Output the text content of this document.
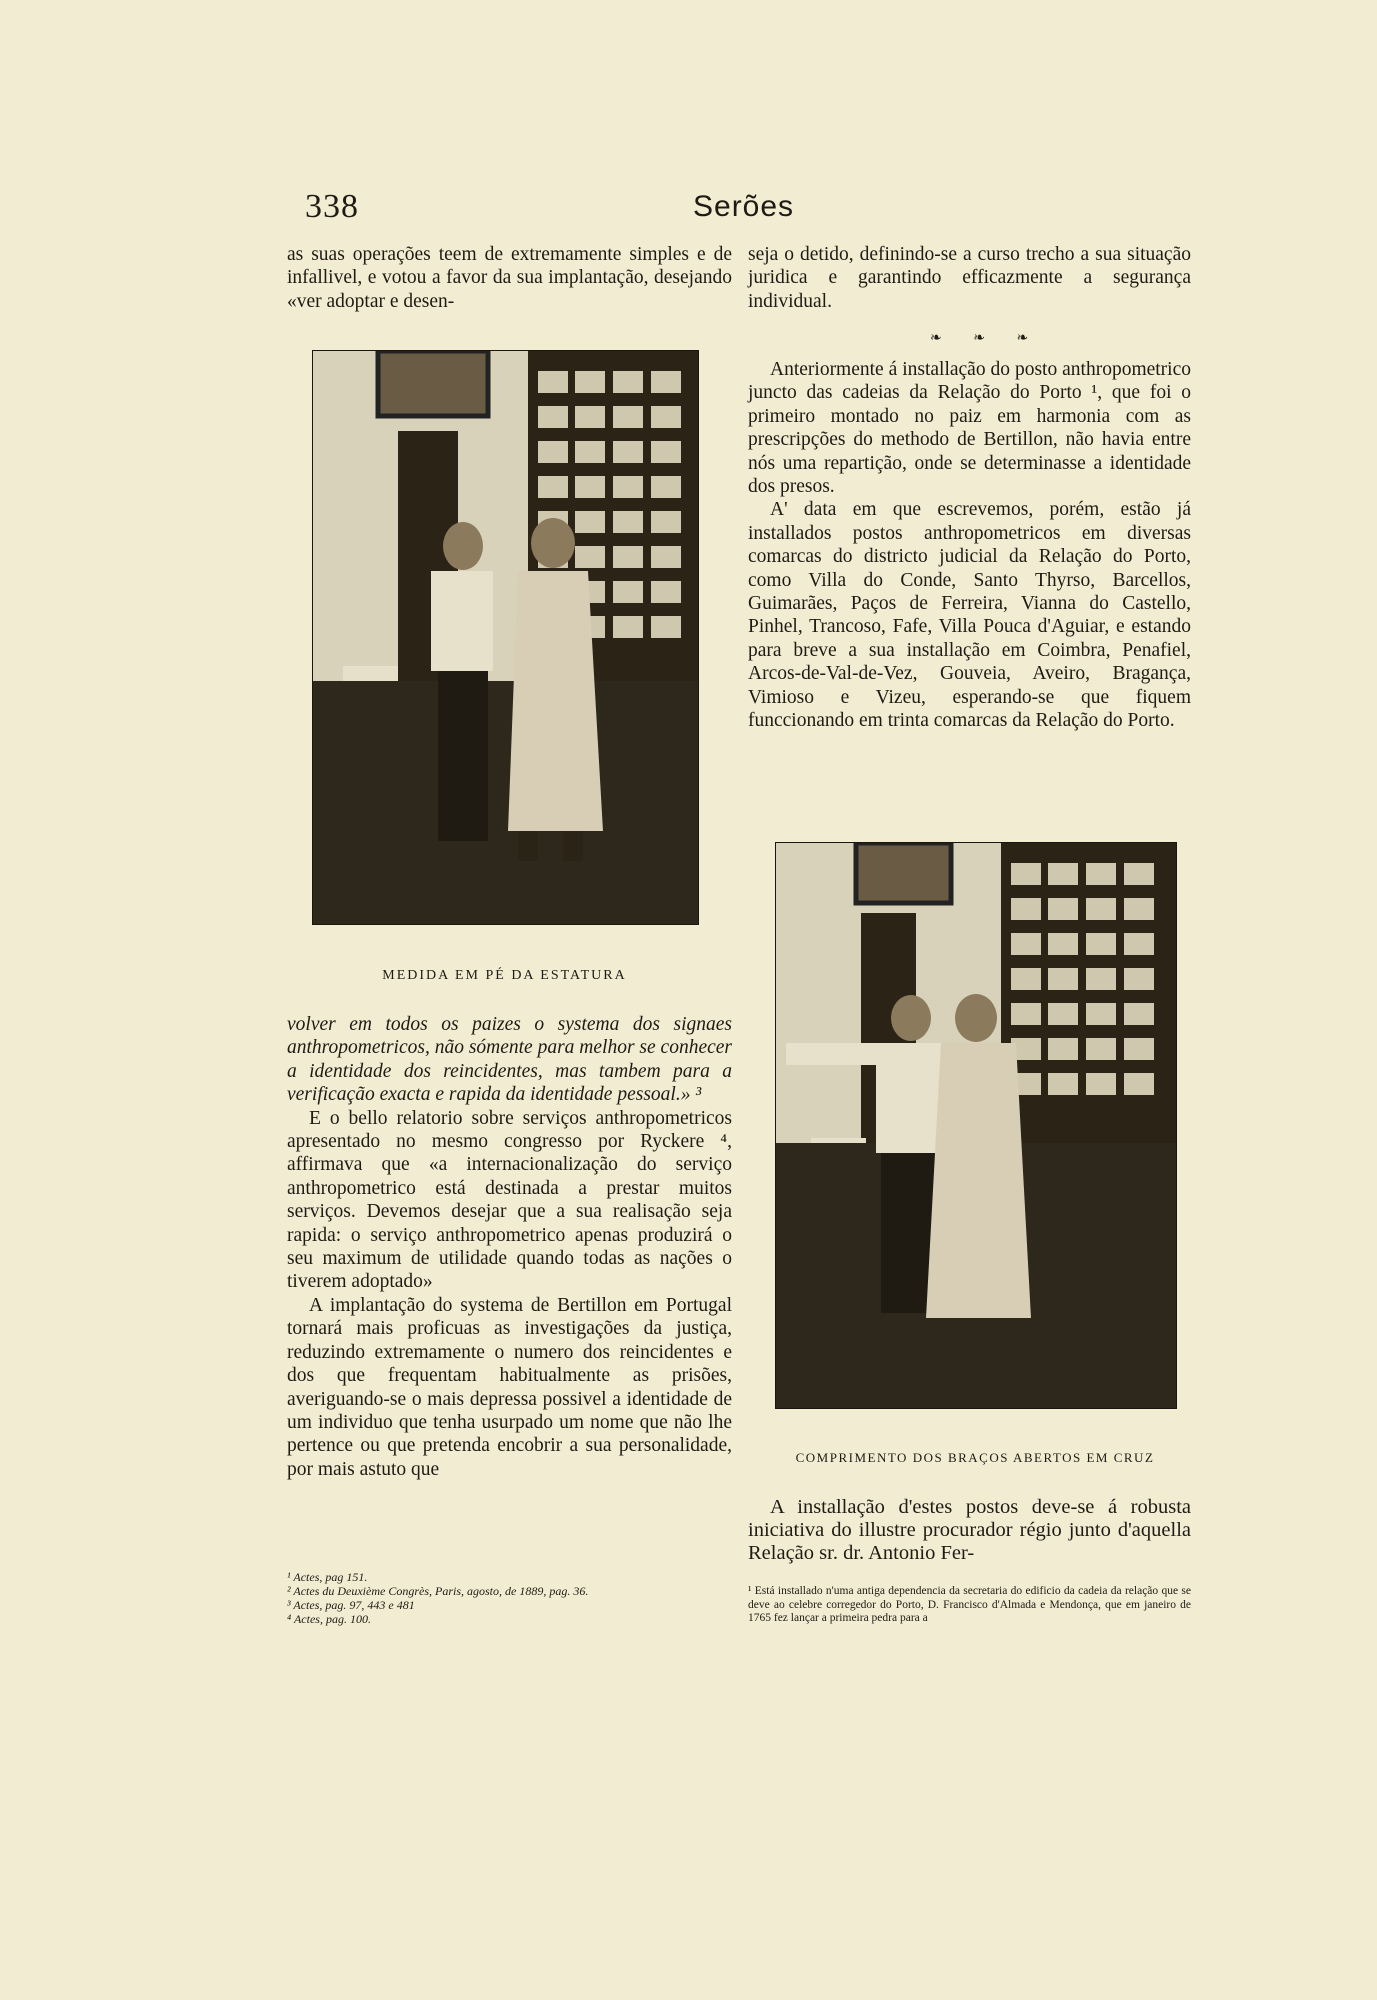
338	Serões

as suas operações teem de extremamente simples e de infallivel, e votou a favor da sua implantação, desejando «ver adoptar e desen-

MEDIDA EM PÉ DA ESTATURA

volver em todos os paizes o systema dos signaes anthropometricos, não sómente para melhor se conhecer a identidade dos reincidentes, mas tambem para a verificação exacta e rapida da identidade pessoal.» ³

E o bello relatorio sobre serviços anthropometricos apresentado no mesmo congresso por Ryckere ⁴, affirmava que «a internacionalização do serviço anthropometrico está destinada a prestar muitos serviços. Devemos desejar que a sua realisação seja rapida: o serviço anthropometrico apenas produzirá o seu maximum de utilidade quando todas as nações o tiverem adoptado»

A implantação do systema de Bertillon em Portugal tornará mais proficuas as investigações da justiça, reduzindo extremamente o numero dos reincidentes e dos que frequentam habitualmente as prisões, averiguando-se o mais depressa possivel a identidade de um individuo que tenha usurpado um nome que não lhe pertence ou que pretenda encobrir a sua personalidade, por mais astuto que

¹ Actes, pag 151.
² Actes du Deuxième Congrès, Paris, agosto, de 1889, pag. 36.
³ Actes, pag. 97, 443 e 481
⁴ Actes, pag. 100.

seja o detido, definindo-se a curso trecho a sua situação juridica e garantindo efficazmente a segurança individual.

❧ ❧ ❧

Anteriormente á installação do posto anthropometrico juncto das cadeias da Relação do Porto ¹, que foi o primeiro montado no paiz em harmonia com as prescripções do methodo de Bertillon, não havia entre nós uma repartição, onde se determinasse a identidade dos presos.

A' data em que escrevemos, porém, estão já installados postos anthropometricos em diversas comarcas do districto judicial da Relação do Porto, como Villa do Conde, Santo Thyrso, Barcellos, Guimarães, Paços de Ferreira, Vianna do Castello, Pinhel, Trancoso, Fafe, Villa Pouca d'Aguiar, e estando para breve a sua installação em Coimbra, Penafiel, Arcos-de-Val-de-Vez, Gouveia, Aveiro, Bragança, Vimioso e Vizeu, esperando-se que fiquem funccionando em trinta comarcas da Relação do Porto.

COMPRIMENTO DOS BRAÇOS ABERTOS EM CRUZ

A installação d'estes postos deve-se á robusta iniciativa do illustre procurador régio junto d'aquella Relação sr. dr. Antonio Fer-

¹ Está installado n'uma antiga dependencia da secretaria do edificio da cadeia da relação que se deve ao celebre corregedor do Porto, D. Francisco d'Almada e Mendonça, que em janeiro de 1765 fez lançar a primeira pedra para a
